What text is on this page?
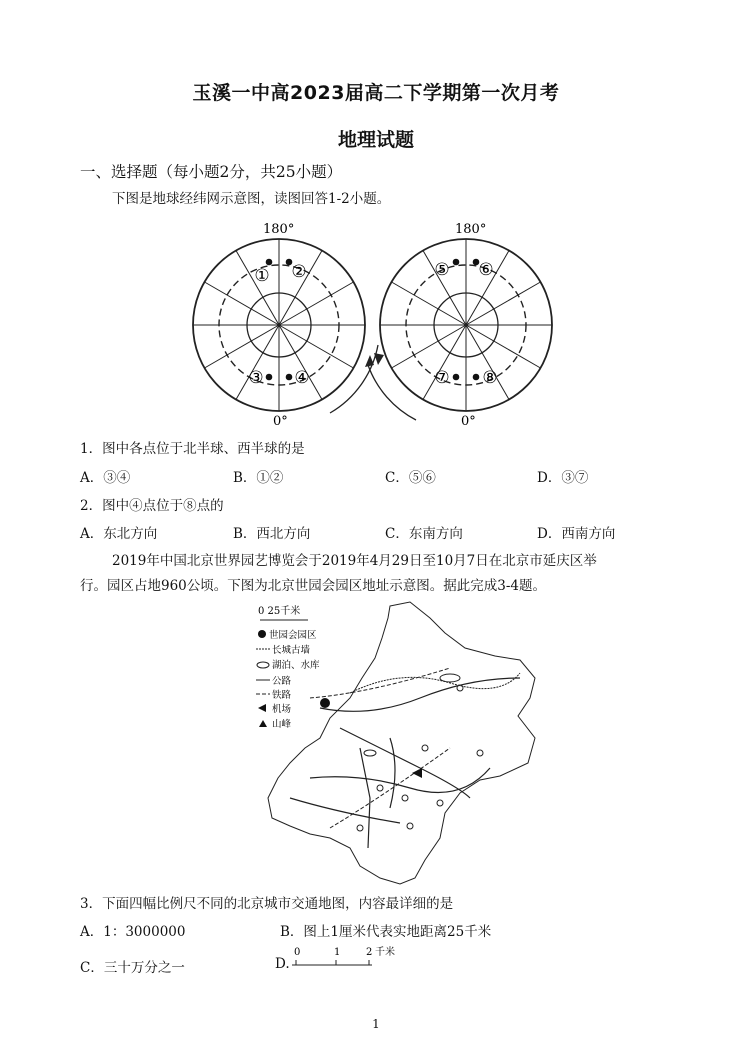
玉溪一中高2023届高二下学期第一次月考
地理试题
一、选择题（每小题2分，共25小题）
下图是地球经纬网示意图，读图回答1-2小题。
180°
0°
① ②
③ ④
180°
0°
⑤ ⑥
⑦ ⑧
1．图中各点位于北半球、西半球的是
A．③④	B．①②	C．⑤⑥	D．③⑦
2．图中④点位于⑧点的
A．东北方向	B．西北方向	C．东南方向	D．西南方向
2019年中国北京世界园艺博览会于2019年4月29日至10月7日在北京市延庆区举
行。园区占地960公顷。下图为北京世园会园区地址示意图。据此完成3-4题。
0 25千米
世园会园区
长城古墙
湖泊、水库
公路
铁路
机场
山峰
3．下面四幅比例尺不同的北京城市交通地图，内容最详细的是
A．1：3000000	B．图上1厘米代表实地距离25千米
C．三十万分之一	D.
0	1	2 千米
1
